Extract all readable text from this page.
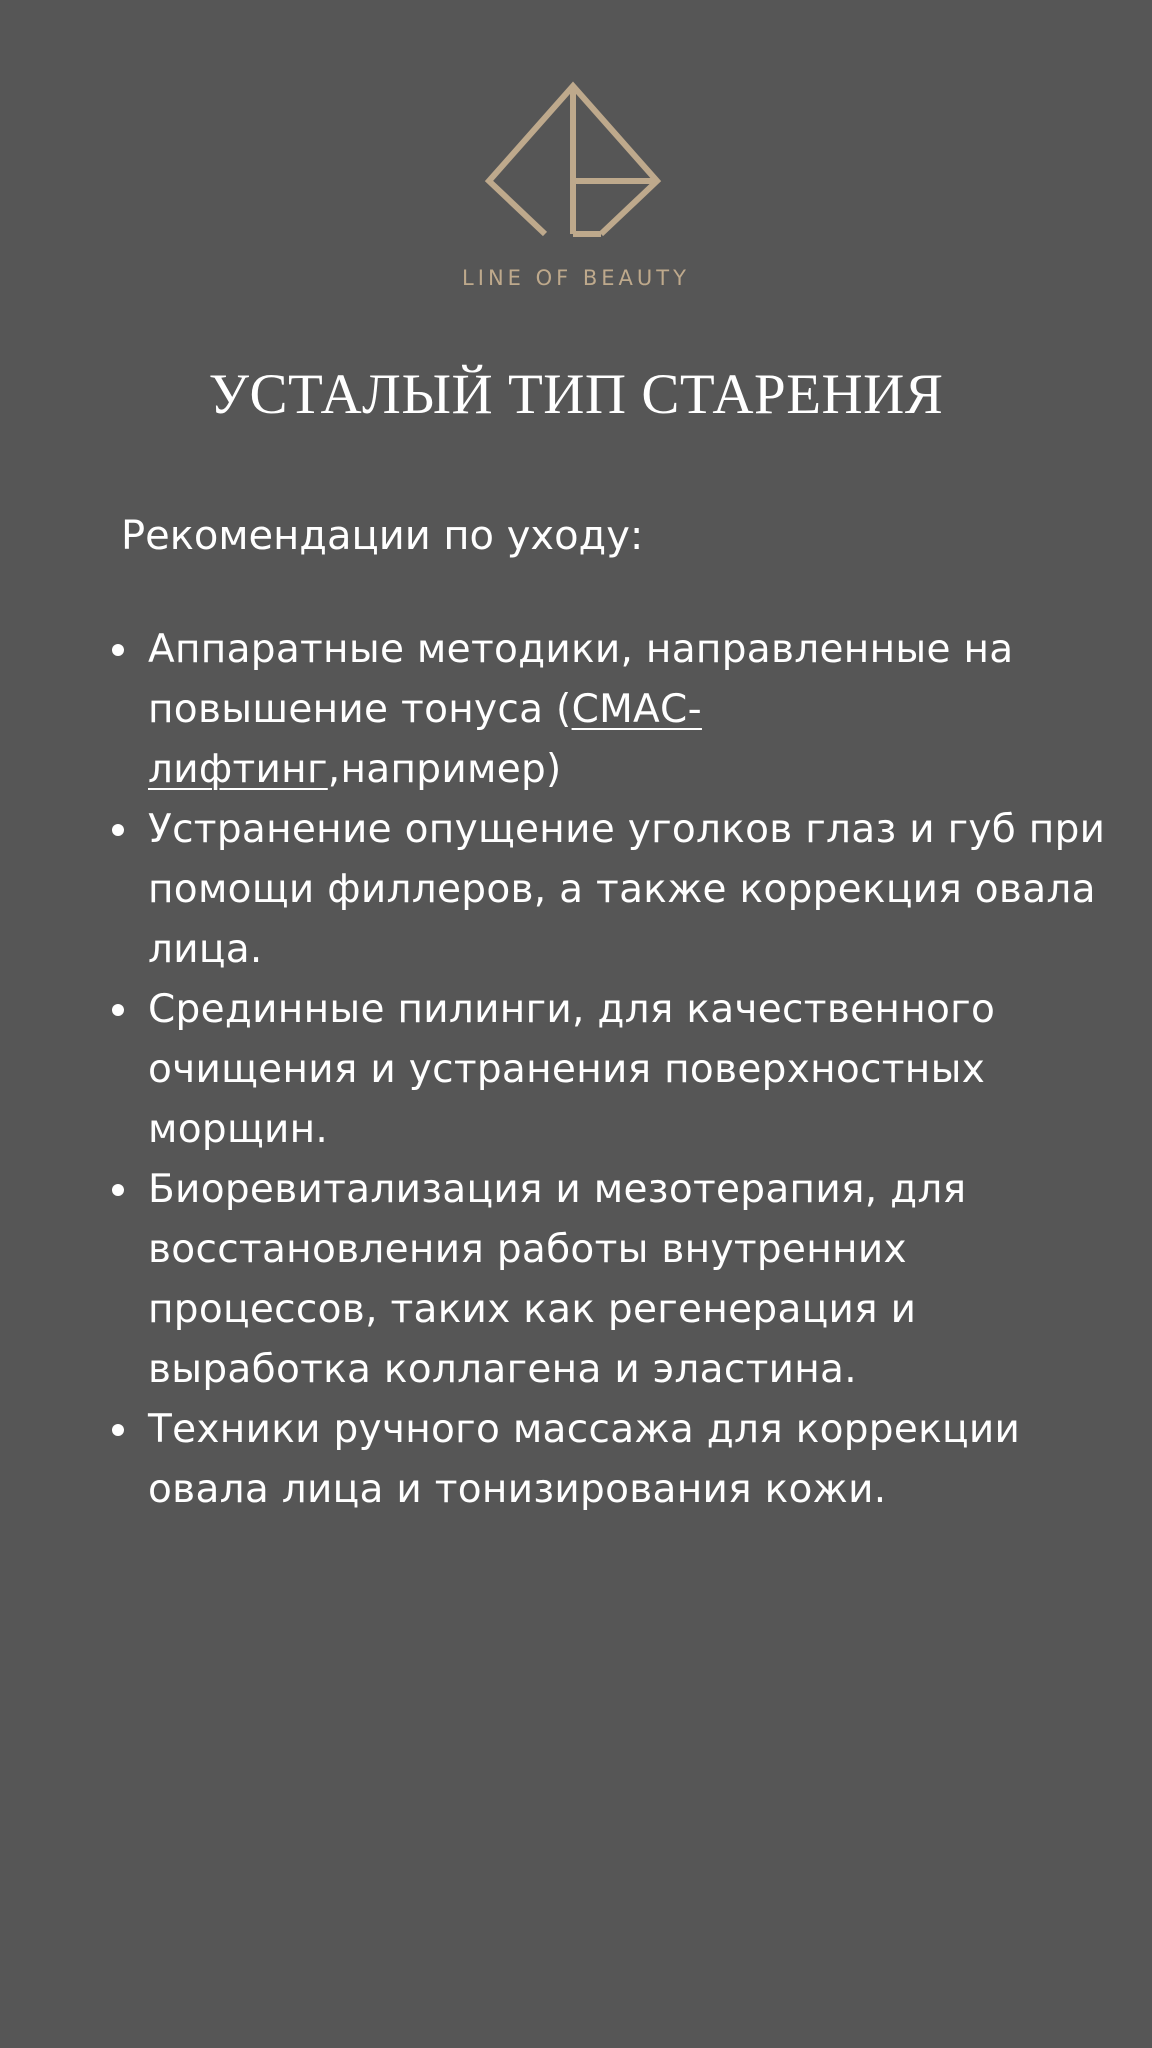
LINE OF BEAUTY
УСТАЛЫЙ ТИП СТАРЕНИЯ
Рекомендации по уходу:
Аппаратные методики, направленные на повышение тонуса (СМАС-лифтинг,например)
Устранение опущение уголков глаз и губ при помощи филлеров, а также коррекция овала лица.
Срединные пилинги, для качественного очищения и устранения поверхностных морщин.
Биоревитализация и мезотерапия, для восстановления работы внутренних процессов, таких как регенерация и выработка коллагена и эластина.
Техники ручного массажа для коррекции овала лица и тонизирования кожи.
